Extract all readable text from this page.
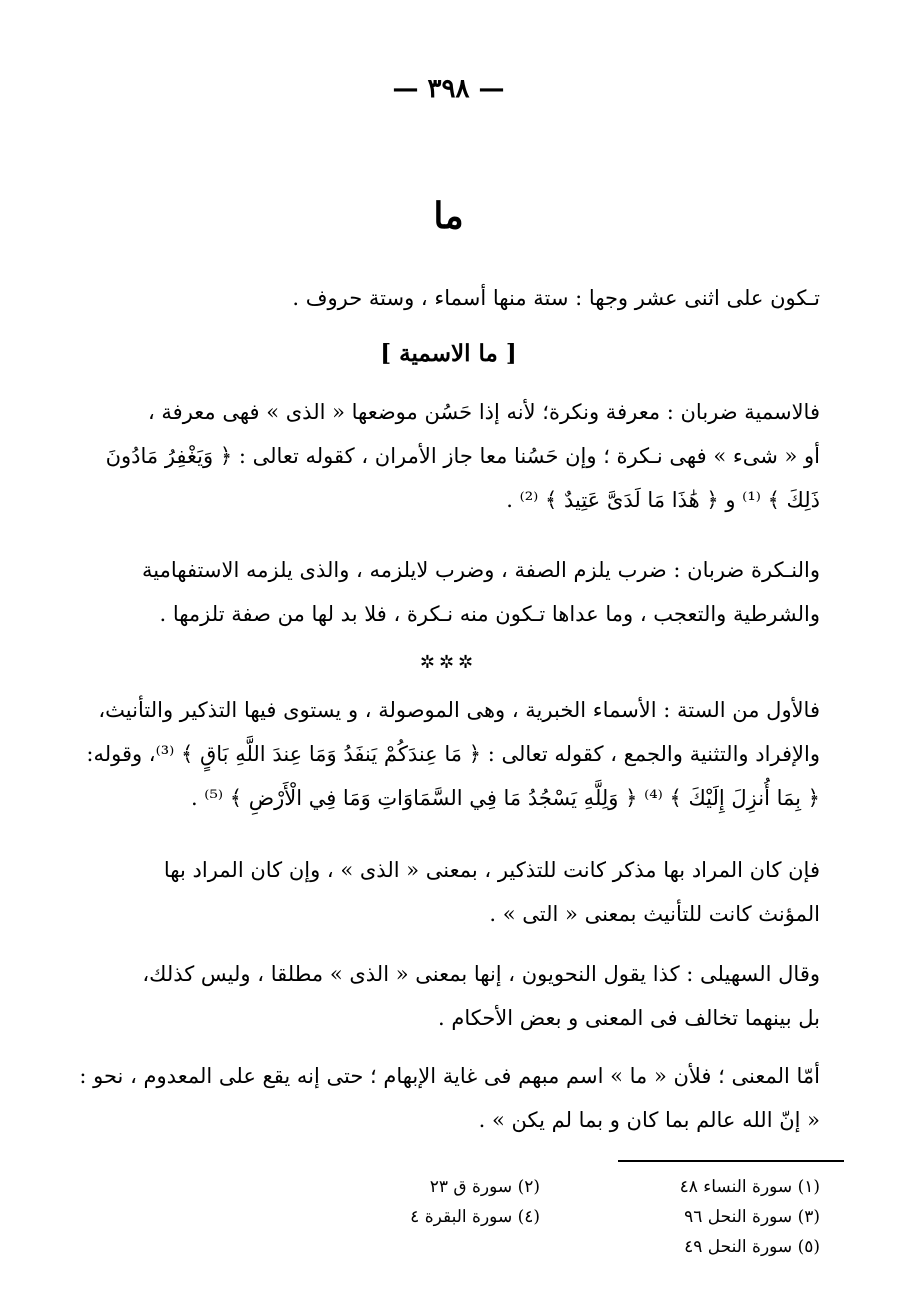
— ٣٩٨ —
ما
تـكون على اثنى عشر وجها : ستة منها أسماء ، وستة حروف .
[ ما الاسمية ]
فالاسمية ضربان : معرفة ونكرة؛ لأنه إذا حَسُن موضعها « الذى » فهى معرفة ،
أو « شىء » فهى نـكرة ؛ وإن حَسُنا معا جاز الأمران ، كقوله تعالى : ﴿ وَيَغْفِرُ مَادُونَ
ذَلِكَ ﴾ ⁽¹⁾ و ﴿ هَٰذَا مَا لَدَىَّ عَتِيدٌ ﴾ ⁽²⁾ .
والنـكرة ضربان : ضرب يلزم الصفة ، وضرب لايلزمه ، والذى يلزمه الاستفهامية
والشرطية والتعجب ، وما عداها تـكون منه نـكرة ، فلا بد لها من صفة تلزمها .
✲✲✲
فالأول من الستة : الأسماء الخبرية ، وهى الموصولة ، و يستوى فيها التذكير والتأنيث،
والإفراد والتثنية والجمع ، كقوله تعالى : ﴿ مَا عِندَكُمْ يَنفَدُ وَمَا عِندَ اللَّهِ بَاقٍ ﴾ ⁽³⁾، وقوله:
﴿ بِمَا أُنزِلَ إِلَيْكَ ﴾ ⁽⁴⁾ ﴿ وَلِلَّهِ يَسْجُدُ مَا فِي السَّمَاوَاتِ وَمَا فِي الْأَرْضِ ﴾ ⁽⁵⁾ .
فإن كان المراد بها مذكر كانت للتذكير ، بمعنى « الذى » ، وإن كان المراد بها
المؤنث كانت للتأنيث بمعنى « التى » .
وقال السهيلى : كذا يقول النحويون ، إنها بمعنى « الذى » مطلقا ، وليس كذلك،
بل بينهما تخالف فى المعنى و بعض الأحكام .
أمّا المعنى ؛ فلأن « ما » اسم مبهم فى غاية الإبهام ؛ حتى إنه يقع على المعدوم ، نحو :
« إنّ الله عالم بما كان و بما لم يكن » .
(١) سورة النساء ٤٨
(٢) سورة ق ٢٣
(٣) سورة النحل ٩٦
(٤) سورة البقرة ٤
(٥) سورة النحل ٤٩
